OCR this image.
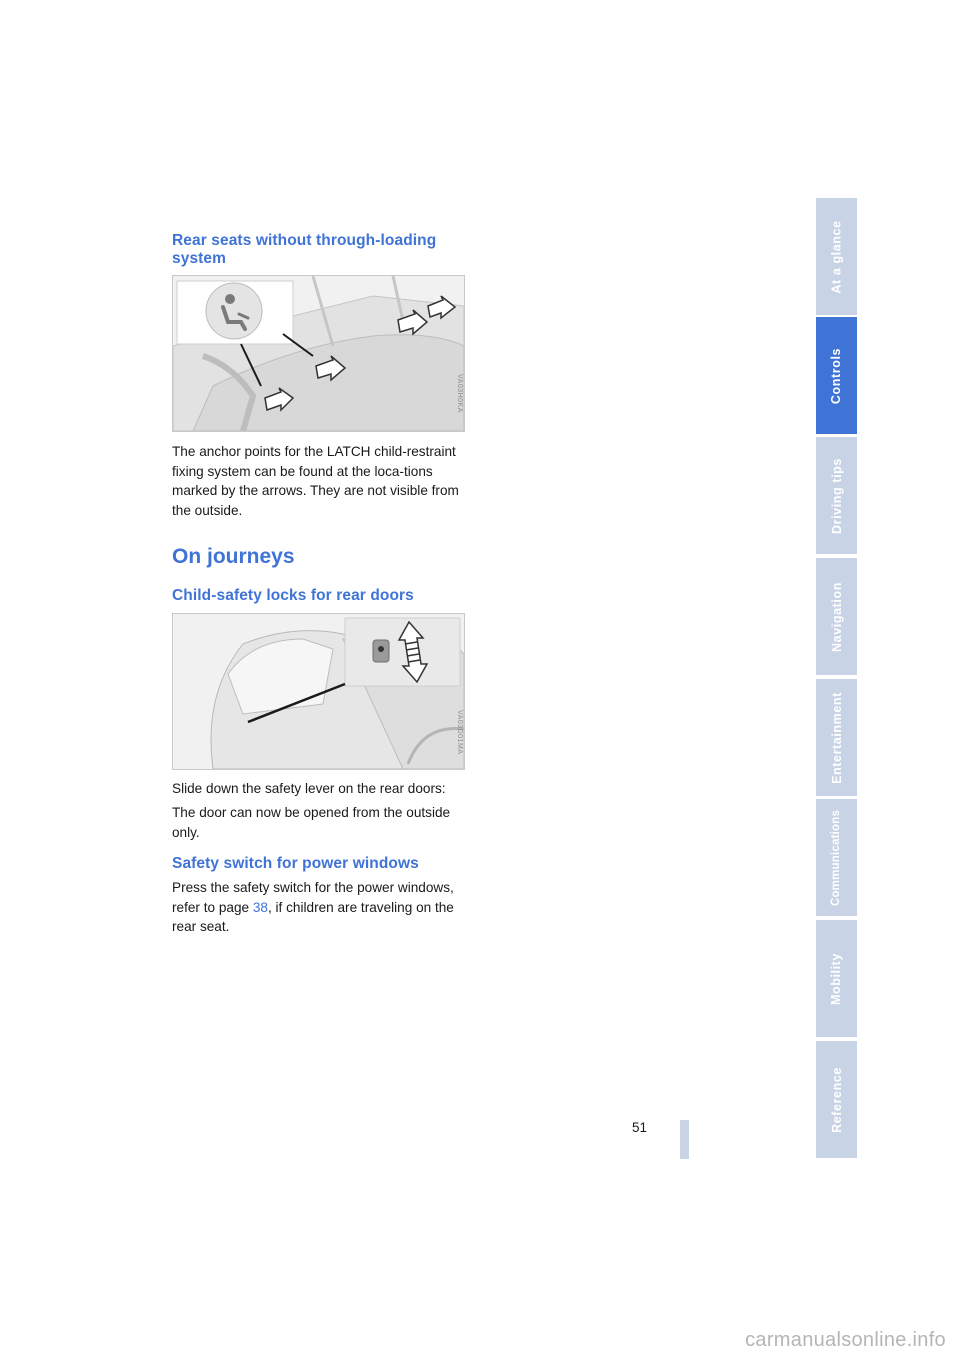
Rear seats without through-loading system
VA03H0KA

The anchor points for the LATCH child-restraint fixing system can be found at the loca-tions marked by the arrows. They are not visible from the outside.

On journeys
Child-safety locks for rear doors
VA03D01MA

Slide down the safety lever on the rear doors:

The door can now be opened from the outside only.

Safety switch for power windows

Press the safety switch for the power windows, refer to page 38, if children are traveling on the rear seat.

51
At a glance
Controls
Driving tips
Navigation
Entertainment
Communications
Mobility
Reference
carmanualsonline.info
